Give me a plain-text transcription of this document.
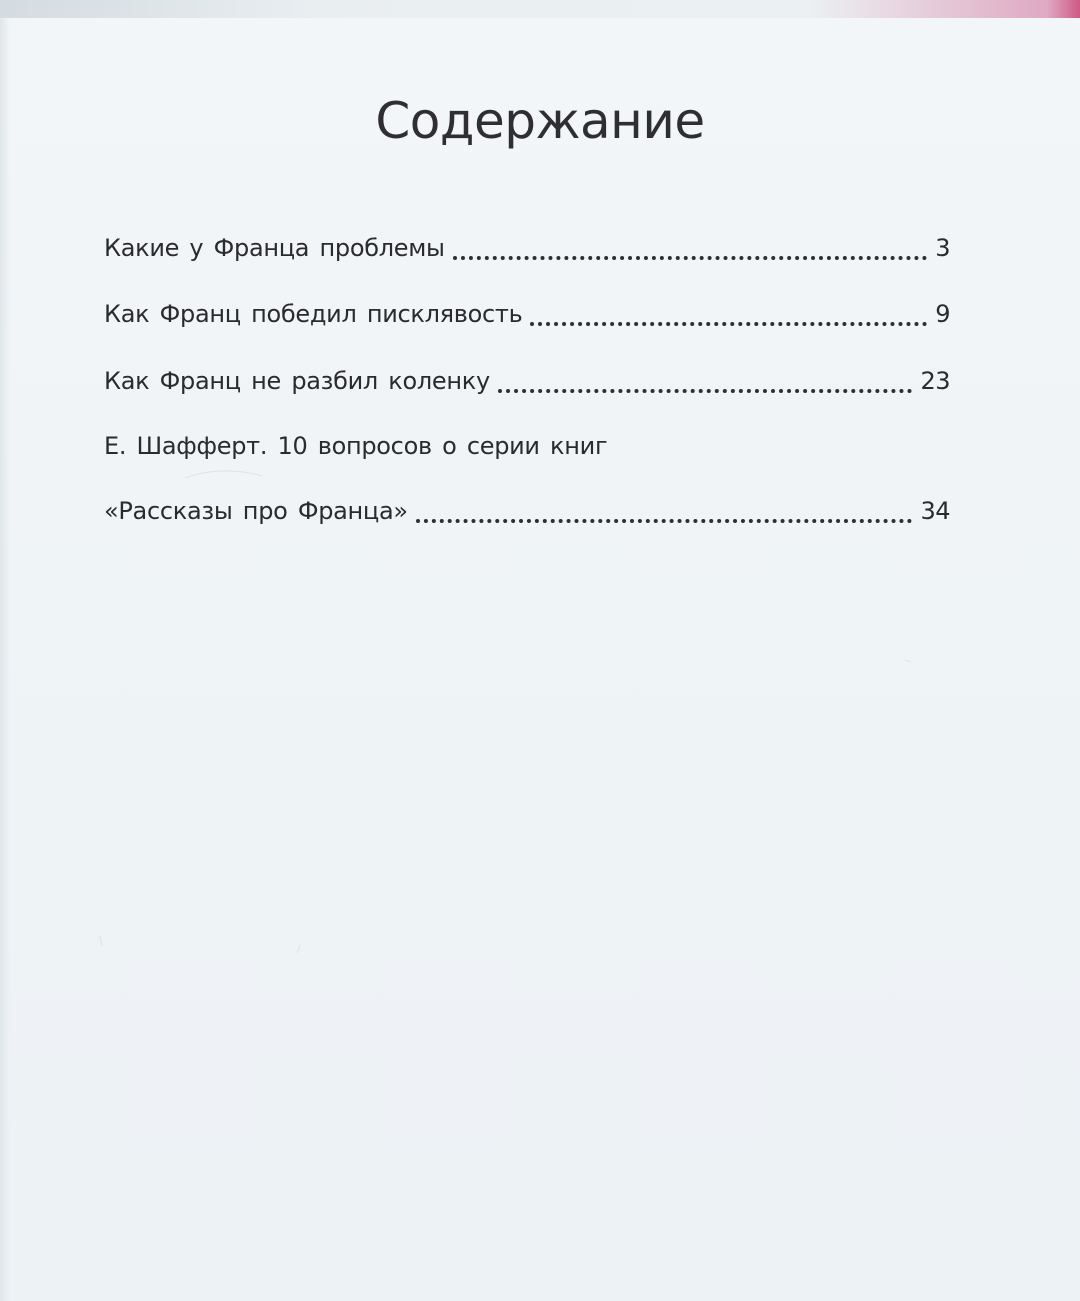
Содержание
Какие у Франца проблемы	3
Как Франц победил писклявость	9
Как Франц не разбил коленку	23
Е. Шафферт. 10 вопросов о серии книг
«Рассказы про Франца»	34
